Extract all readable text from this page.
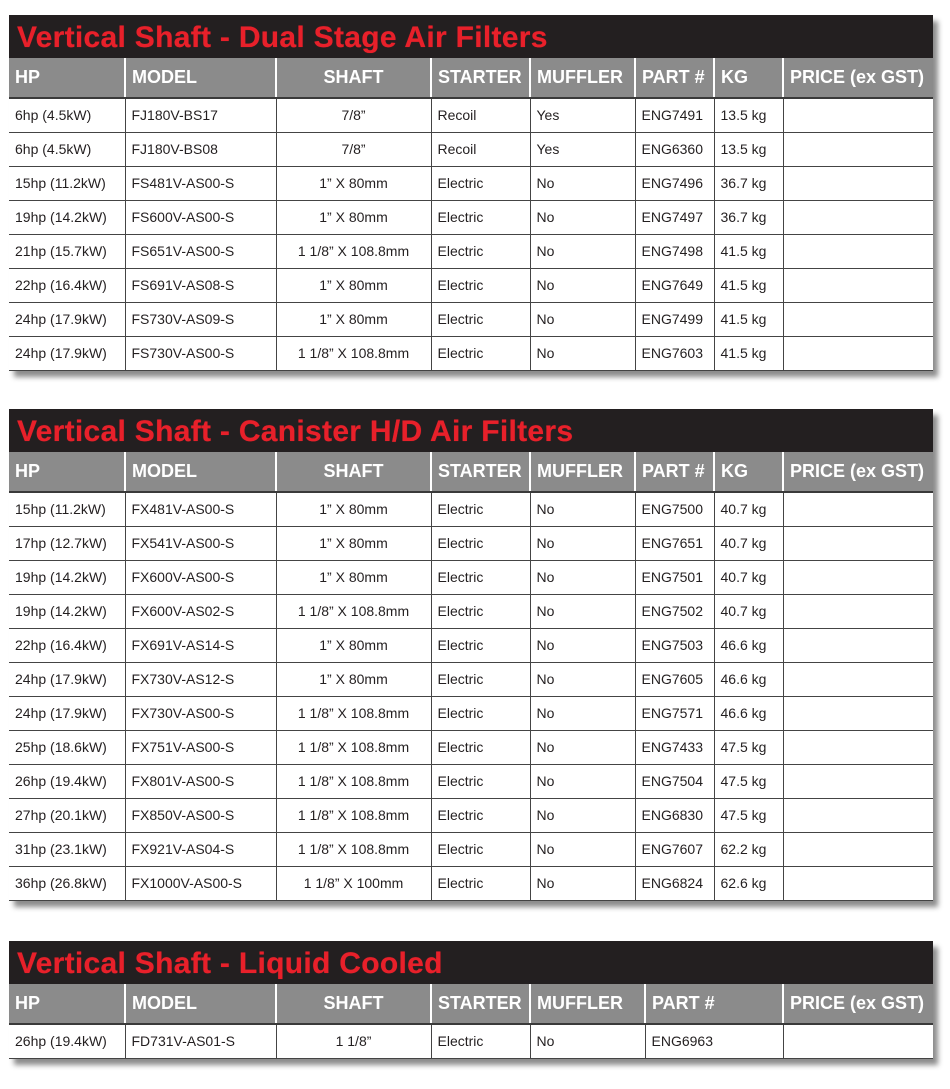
Vertical Shaft - Dual Stage Air Filters
HP	MODEL	SHAFT	STARTER	MUFFLER	PART #	KG	PRICE (ex GST)
6hp (4.5kW)	FJ180V-BS17	7/8”	Recoil	Yes	ENG7491	13.5 kg	
6hp (4.5kW)	FJ180V-BS08	7/8”	Recoil	Yes	ENG6360	13.5 kg	
15hp (11.2kW)	FS481V-AS00-S	1” X 80mm	Electric	No	ENG7496	36.7 kg	
19hp (14.2kW)	FS600V-AS00-S	1” X 80mm	Electric	No	ENG7497	36.7 kg	
21hp (15.7kW)	FS651V-AS00-S	1 1/8” X 108.8mm	Electric	No	ENG7498	41.5 kg	
22hp (16.4kW)	FS691V-AS08-S	1” X 80mm	Electric	No	ENG7649	41.5 kg	
24hp (17.9kW)	FS730V-AS09-S	1” X 80mm	Electric	No	ENG7499	41.5 kg	
24hp (17.9kW)	FS730V-AS00-S	1 1/8” X 108.8mm	Electric	No	ENG7603	41.5 kg	
Vertical Shaft - Canister H/D Air Filters
HP	MODEL	SHAFT	STARTER	MUFFLER	PART #	KG	PRICE (ex GST)
15hp (11.2kW)	FX481V-AS00-S	1” X 80mm	Electric	No	ENG7500	40.7 kg	
17hp (12.7kW)	FX541V-AS00-S	1” X 80mm	Electric	No	ENG7651	40.7 kg	
19hp (14.2kW)	FX600V-AS00-S	1” X 80mm	Electric	No	ENG7501	40.7 kg	
19hp (14.2kW)	FX600V-AS02-S	1 1/8” X 108.8mm	Electric	No	ENG7502	40.7 kg	
22hp (16.4kW)	FX691V-AS14-S	1” X 80mm	Electric	No	ENG7503	46.6 kg	
24hp (17.9kW)	FX730V-AS12-S	1” X 80mm	Electric	No	ENG7605	46.6 kg	
24hp (17.9kW)	FX730V-AS00-S	1 1/8” X 108.8mm	Electric	No	ENG7571	46.6 kg	
25hp (18.6kW)	FX751V-AS00-S	1 1/8” X 108.8mm	Electric	No	ENG7433	47.5 kg	
26hp (19.4kW)	FX801V-AS00-S	1 1/8” X 108.8mm	Electric	No	ENG7504	47.5 kg	
27hp (20.1kW)	FX850V-AS00-S	1 1/8” X 108.8mm	Electric	No	ENG6830	47.5 kg	
31hp (23.1kW)	FX921V-AS04-S	1 1/8” X 108.8mm	Electric	No	ENG7607	62.2 kg	
36hp (26.8kW)	FX1000V-AS00-S	1 1/8” X 100mm	Electric	No	ENG6824	62.6 kg	
Vertical Shaft - Liquid Cooled
HP	MODEL	SHAFT	STARTER	MUFFLER	PART #	PRICE (ex GST)
26hp (19.4kW)	FD731V-AS01-S	1 1/8”	Electric	No	ENG6963	
